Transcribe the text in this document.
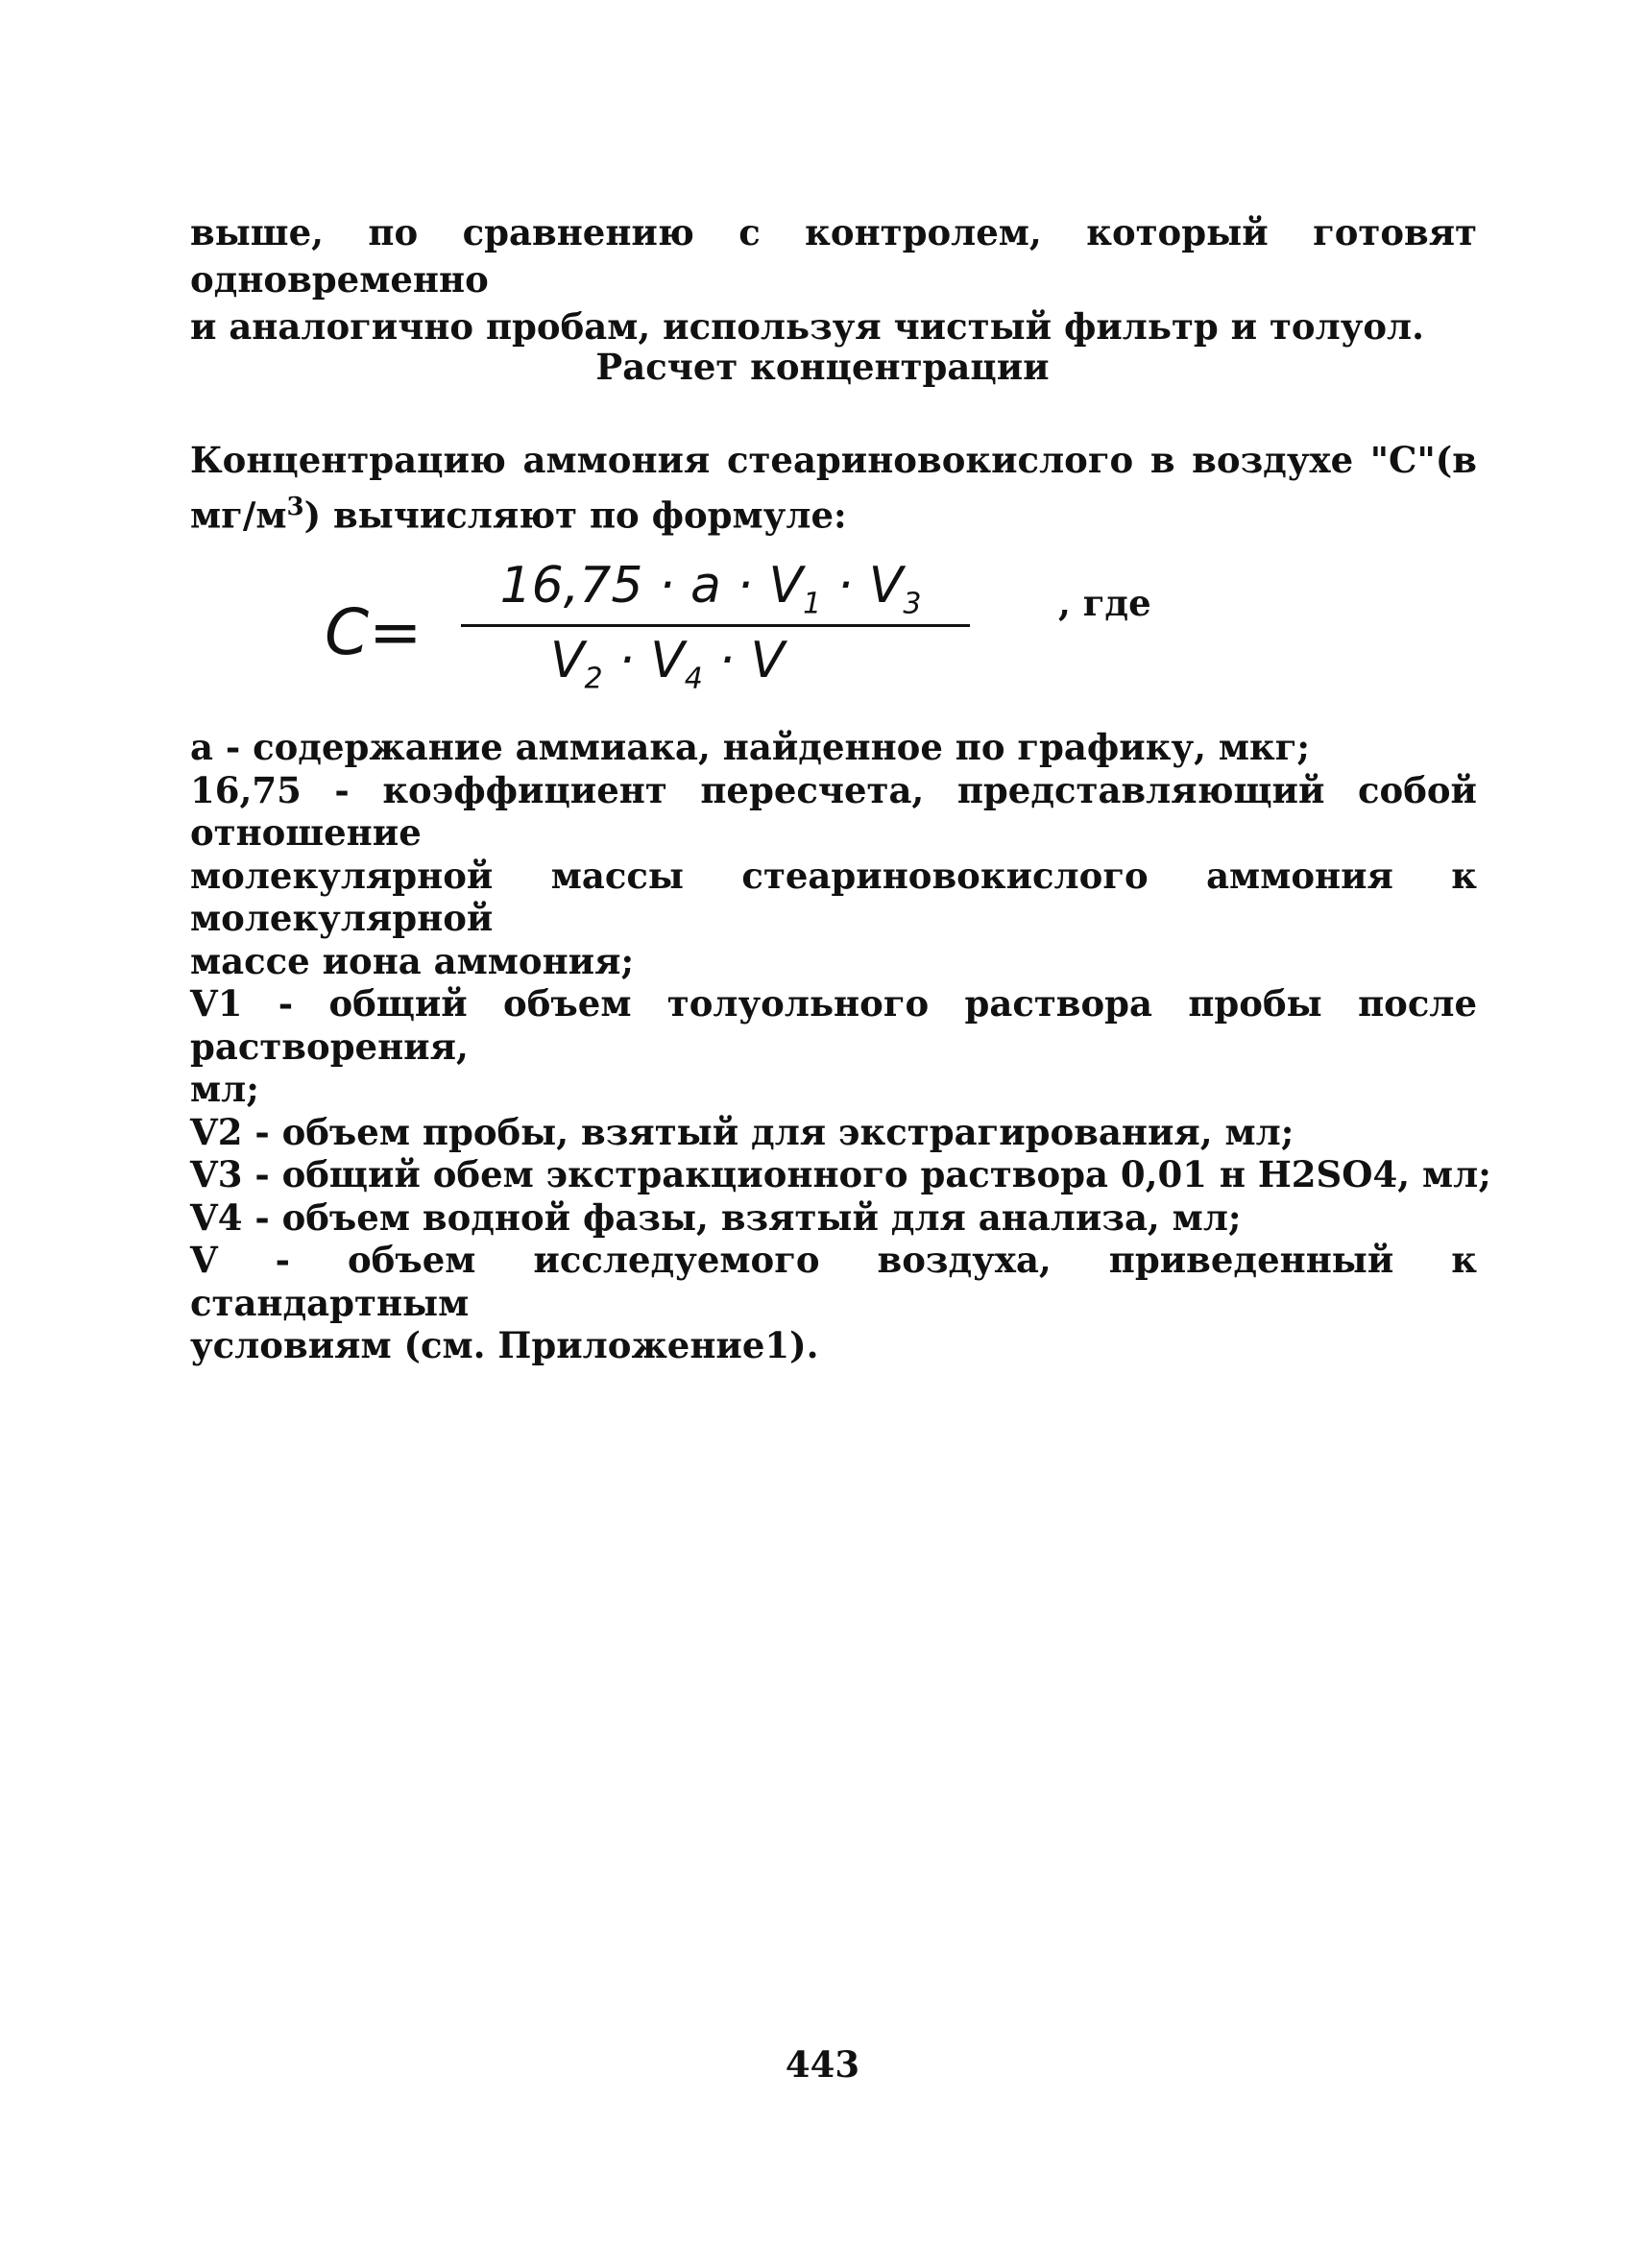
выше, по сравнению с контролем, который готовят одновременно
и аналогично пробам, используя чистый фильтр и толуол.

Расчет концентрации

Концентрацию аммония стеариновокислого в воздухе "С"(в
$мг/м^3$) вычисляют по формуле:

C=
$16,75 \cdot a \cdot V_1 \cdot V_3$
$V_2 \cdot V_4 \cdot V$
, где
а - содержание аммиака, найденное по графику, мкг;
16,75 - коэффициент пересчета, представляющий собой отношение
молекулярной массы стеариновокислого аммония к молекулярной
массе иона аммония;
V1 - общий объем толуольного раствора пробы после растворения,
мл;
V2 - объем пробы, взятый для экстрагирования, мл;
V3 - общий обем экстракционного раствора 0,01 н H2SO4, мл;
V4 - объем водной фазы, взятый для анализа, мл;
V - объем исследуемого воздуха, приведенный к стандартным
условиям (см. Приложение1).
443
